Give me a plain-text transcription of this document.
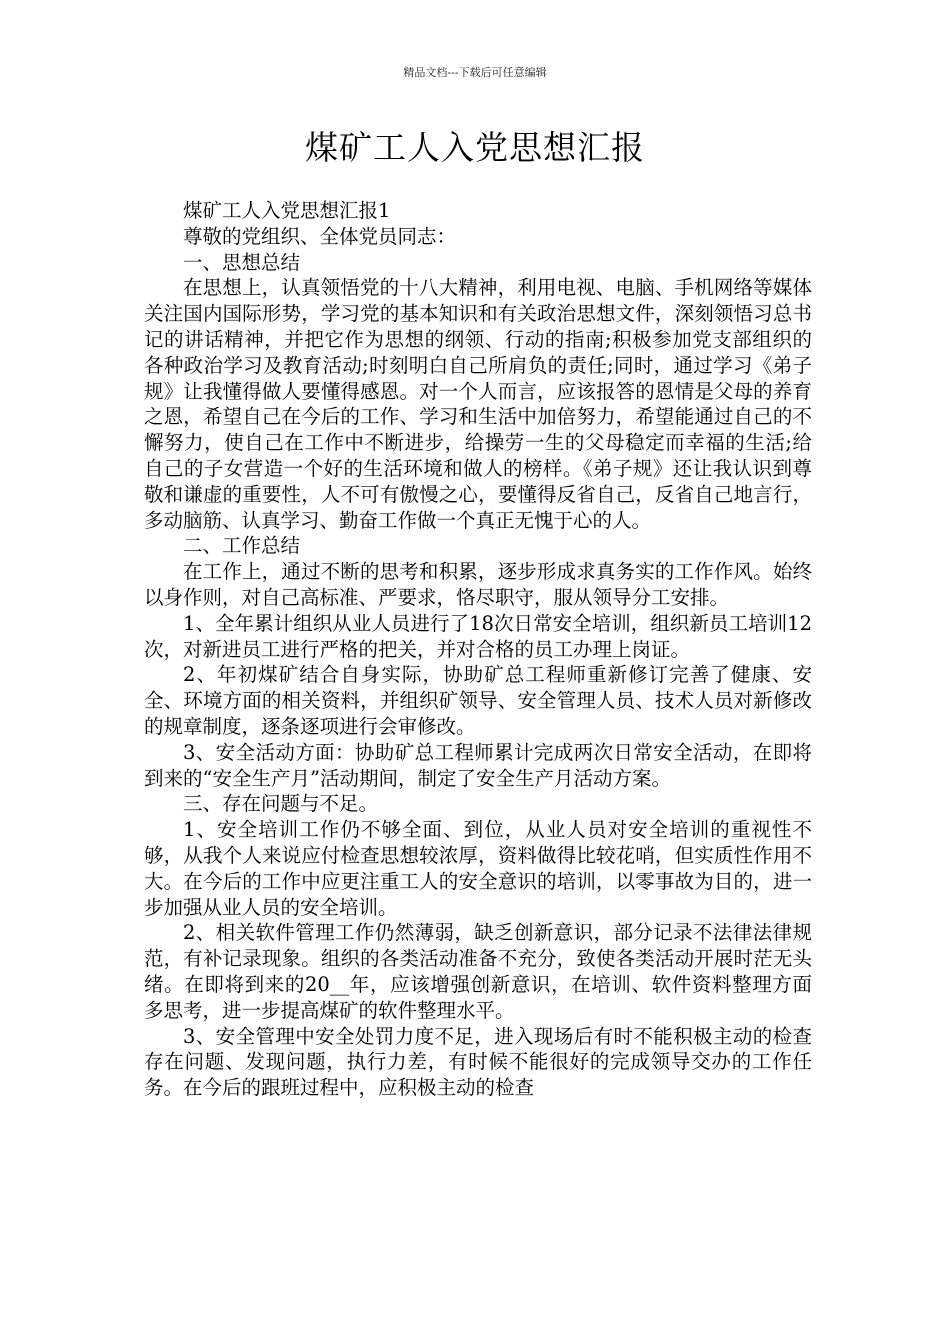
精品文档---下载后可任意编辑
煤矿工人入党思想汇报

煤矿工人入党思想汇报1

尊敬的党组织、全体党员同志：

一、思想总结

在思想上，认真领悟党的十八大精神，利用电视、电脑、手机网络等媒体关注国内国际形势，学习党的基本知识和有关政治思想文件，深刻领悟习总书记的讲话精神，并把它作为思想的纲领、行动的指南;积极参加党支部组织的各种政治学习及教育活动;时刻明白自己所肩负的责任;同时，通过学习《弟子规》让我懂得做人要懂得感恩。对一个人而言，应该报答的恩情是父母的养育之恩，希望自己在今后的工作、学习和生活中加倍努力，希望能通过自己的不懈努力，使自己在工作中不断进步，给操劳一生的父母稳定而幸福的生活;给自己的子女营造一个好的生活环境和做人的榜样。《弟子规》还让我认识到尊敬和谦虚的重要性，人不可有傲慢之心，要懂得反省自己，反省自己地言行，多动脑筋、认真学习、勤奋工作做一个真正无愧于心的人。

二、工作总结

在工作上，通过不断的思考和积累，逐步形成求真务实的工作作风。始终以身作则，对自己高标准、严要求，恪尽职守，服从领导分工安排。

1、全年累计组织从业人员进行了18次日常安全培训，组织新员工培训12次，对新进员工进行严格的把关，并对合格的员工办理上岗证。

2、年初煤矿结合自身实际，协助矿总工程师重新修订完善了健康、安全、环境方面的相关资料，并组织矿领导、安全管理人员、技术人员对新修改的规章制度，逐条逐项进行会审修改。

3、安全活动方面：协助矿总工程师累计完成两次日常安全活动，在即将到来的“安全生产月”活动期间，制定了安全生产月活动方案。

三、存在问题与不足。

1、安全培训工作仍不够全面、到位，从业人员对安全培训的重视性不够，从我个人来说应付检查思想较浓厚，资料做得比较花哨，但实质性作用不大。在今后的工作中应更注重工人的安全意识的培训，以零事故为目的，进一步加强从业人员的安全培训。

2、相关软件管理工作仍然薄弱，缺乏创新意识，部分记录不法律法律规范，有补记录现象。组织的各类活动准备不充分，致使各类活动开展时茫无头绪。在即将到来的20__年，应该增强创新意识，在培训、软件资料整理方面多思考，进一步提高煤矿的软件整理水平。

3、安全管理中安全处罚力度不足，进入现场后有时不能积极主动的检查存在问题、发现问题，执行力差，有时候不能很好的完成领导交办的工作任务。在今后的跟班过程中，应积极主动的检查
